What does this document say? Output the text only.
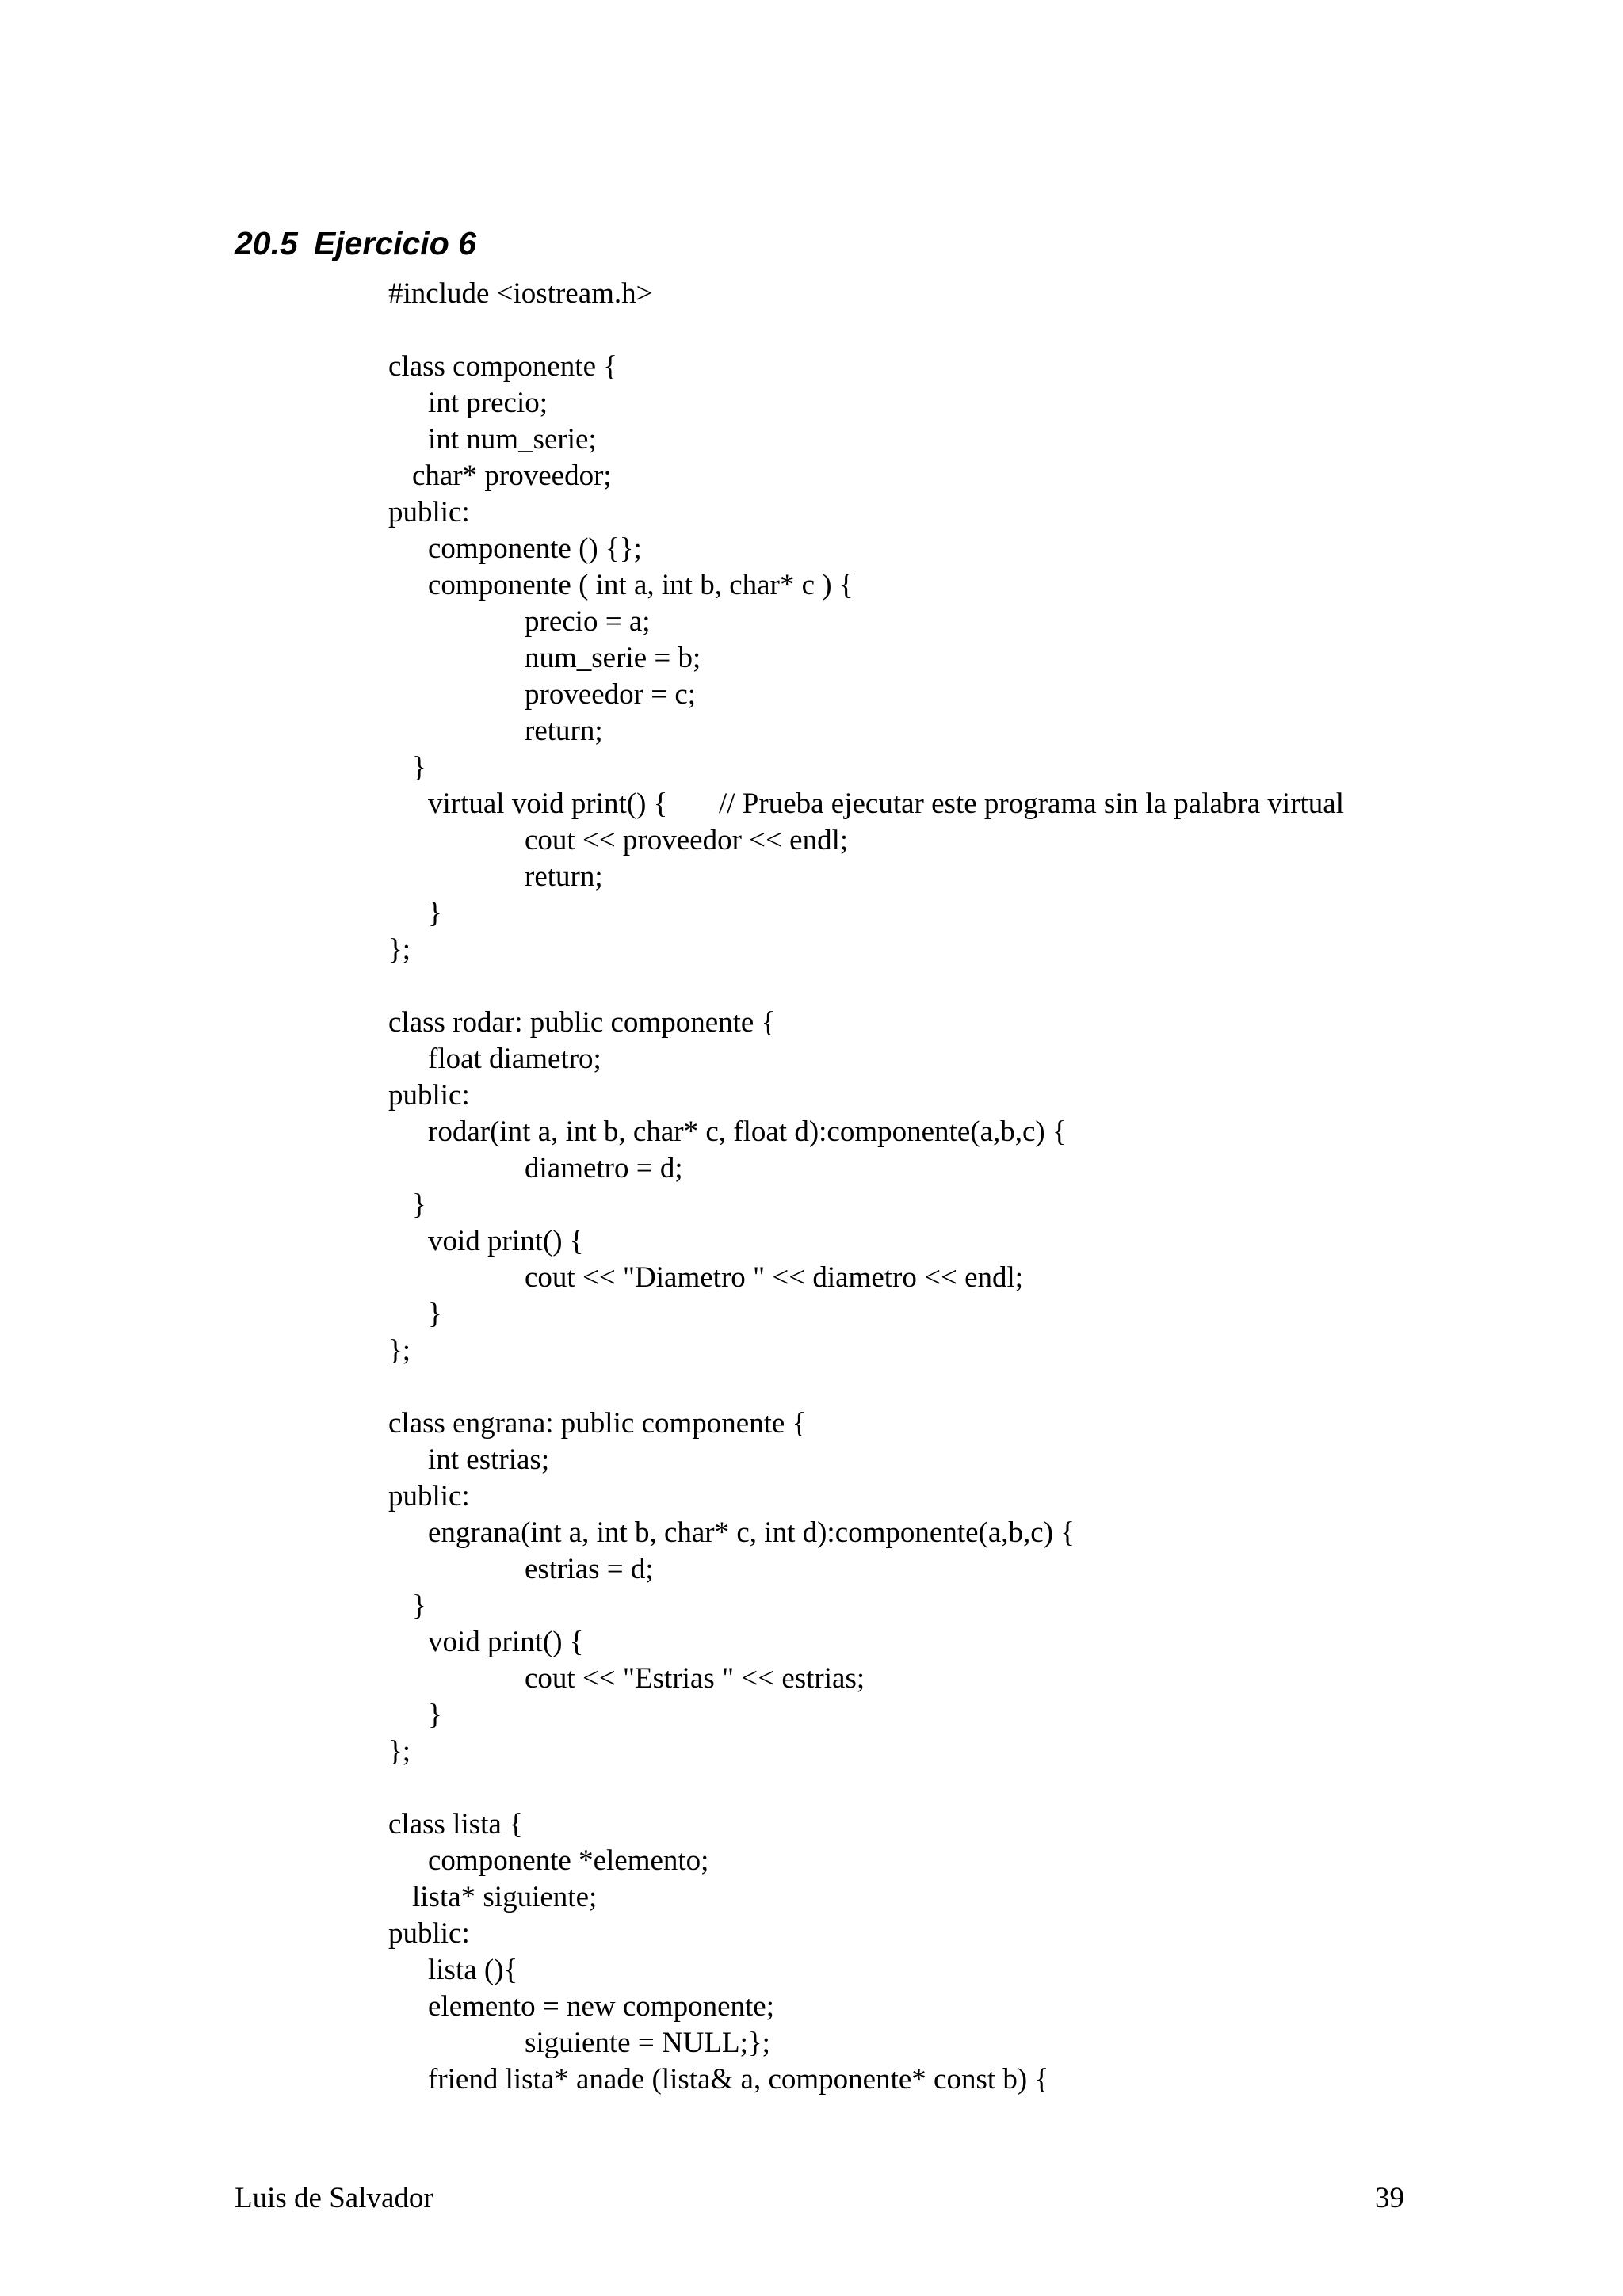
20.5 Ejercicio 6
#include <iostream.h>
class componente {
int precio;
int num_serie;
char* proveedor;
public:
componente () {};
componente ( int a, int b, char* c ) {
precio = a;
num_serie = b;
proveedor = c;
return;
}
virtual void print() { // Prueba ejecutar este programa sin la palabra virtual
cout << proveedor << endl;
return;
}
};
class rodar: public componente {
float diametro;
public:
rodar(int a, int b, char* c, float d):componente(a,b,c) {
diametro = d;
}
void print() {
cout << "Diametro " << diametro << endl;
}
};
class engrana: public componente {
int estrias;
public:
engrana(int a, int b, char* c, int d):componente(a,b,c) {
estrias = d;
}
void print() {
cout << "Estrias " << estrias;
}
};
class lista {
componente *elemento;
lista* siguiente;
public:
lista (){
elemento = new componente;
siguiente = NULL;};
friend lista* anade (lista& a, componente* const b) {
Luis de Salvador	39
